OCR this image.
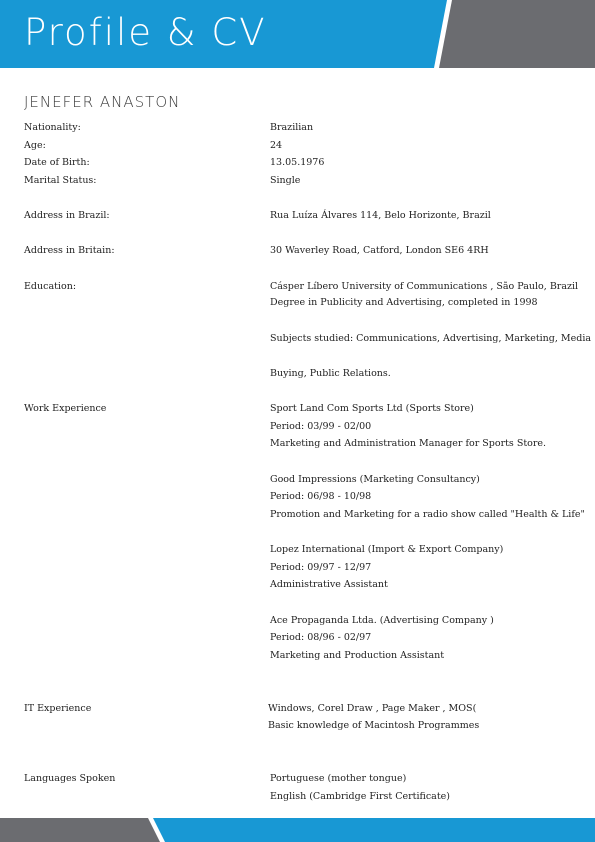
Profile & CV
JENEFER ANASTON
Nationality:	Brazilian
Age:	24
Date of Birth:	13.05.1976
Marital Status:	Single
Address in Brazil:	Rua Luíza Álvares 114, Belo Horizonte, Brazil
Address in Britain:	30 Waverley Road, Catford, London SE6 4RH
Education:	Cásper Líbero University of Communications , São Paulo, Brazil
Degree in Publicity and Advertising, completed in 1998
Subjects studied: Communications, Advertising, Marketing, Media
Buying, Public Relations.
Work Experience	Sport Land Com Sports Ltd (Sports Store)
Period: 03/99 - 02/00
Marketing and Administration Manager for Sports Store.
Good Impressions (Marketing Consultancy)
Period: 06/98 - 10/98
Promotion and Marketing for a radio show called "Health & Life"
Lopez International (Import & Export Company)
Period: 09/97 - 12/97
Administrative Assistant
Ace Propaganda Ltda. (Advertising Company )
Period: 08/96 - 02/97
Marketing and Production Assistant
IT Experience	Windows, Corel Draw , Page Maker , MOS(
Basic knowledge of Macintosh Programmes
Languages Spoken	Portuguese (mother tongue)
English (Cambridge First Certificate)
